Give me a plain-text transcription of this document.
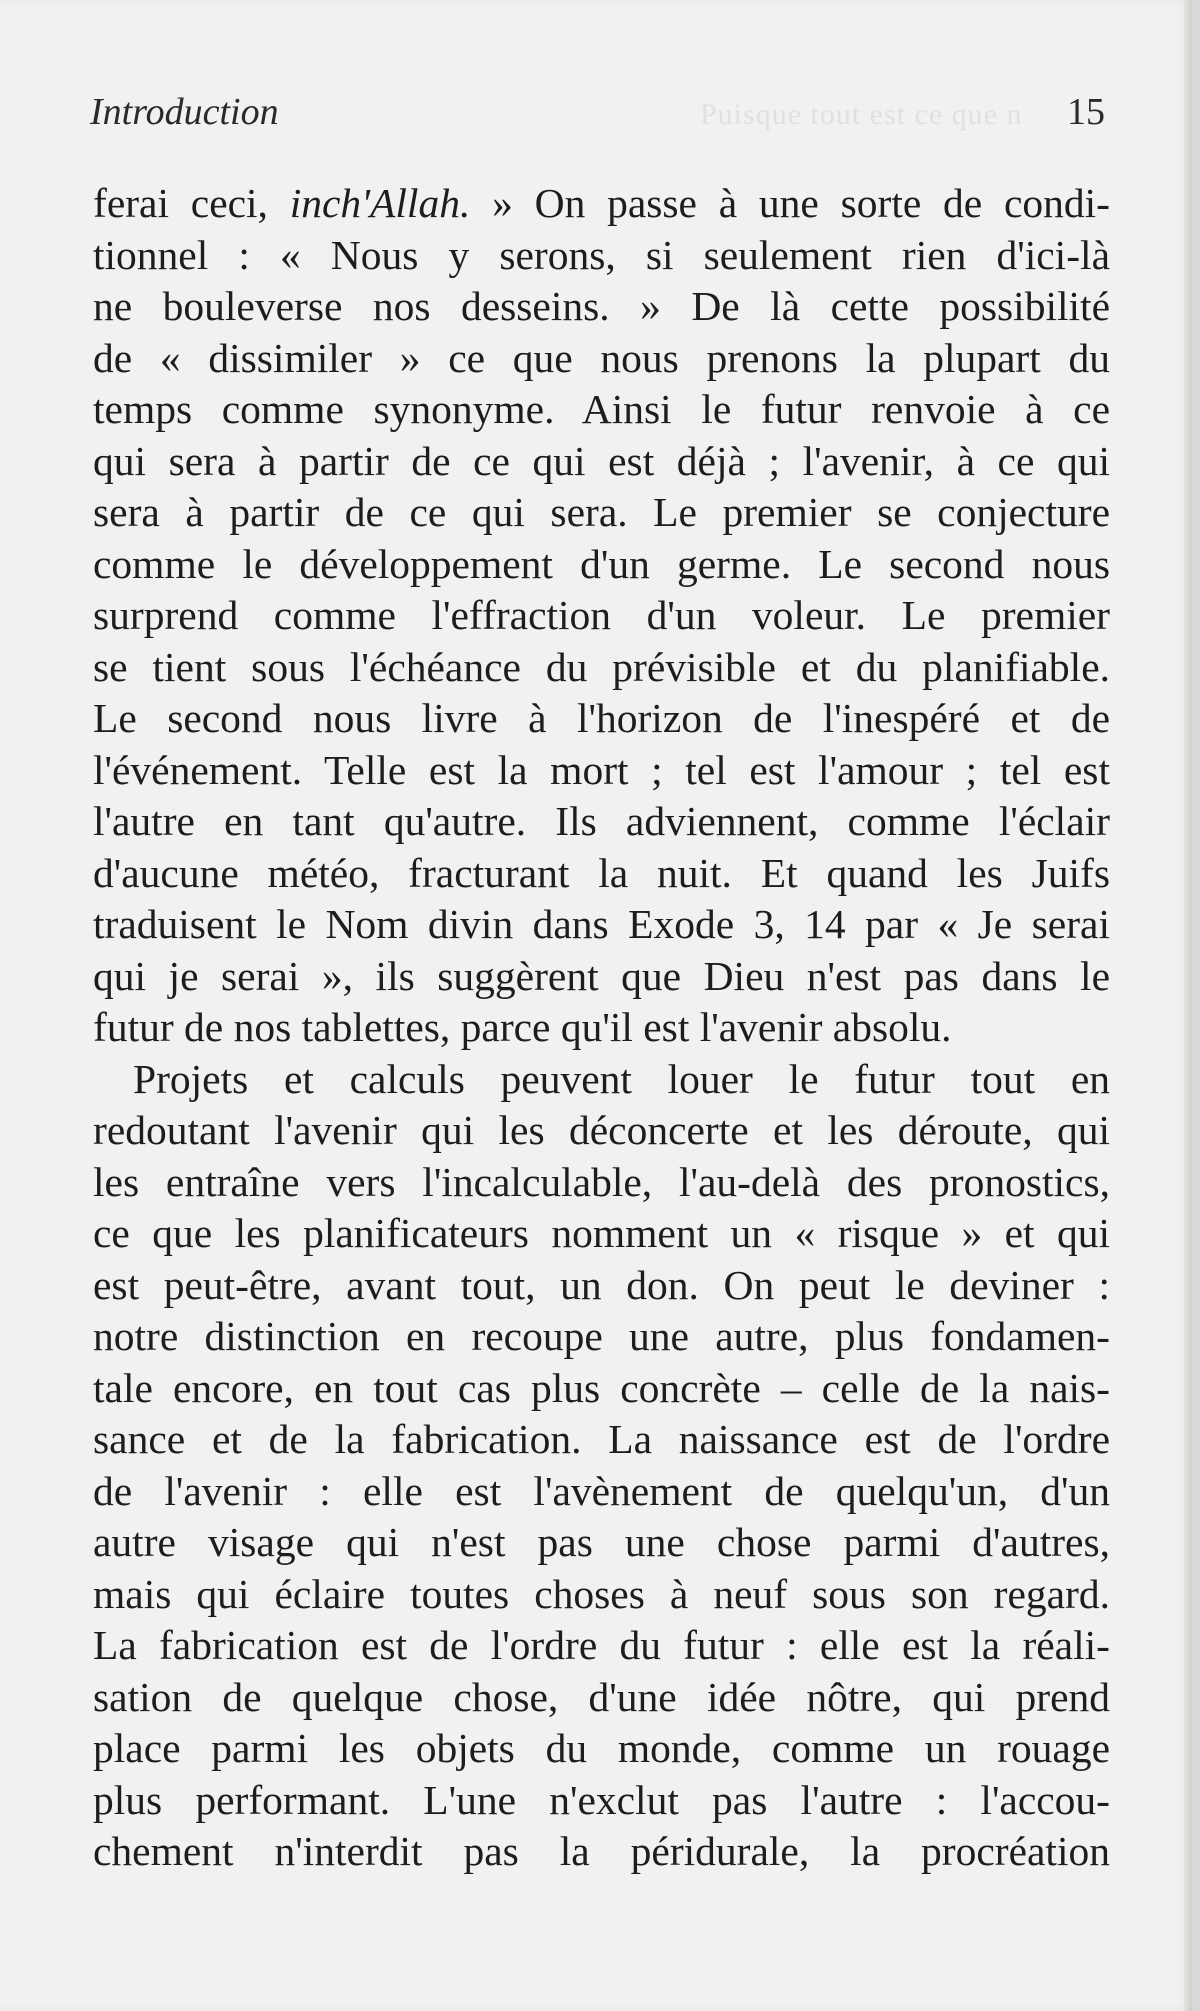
Puisque tout est ce que n
Introduction	15
ferai ceci, inch'Allah. » On passe à une sorte de condi-
tionnel : « Nous y serons, si seulement rien d'ici-là
ne bouleverse nos desseins. » De là cette possibilité
de « dissimiler » ce que nous prenons la plupart du
temps comme synonyme. Ainsi le futur renvoie à ce
qui sera à partir de ce qui est déjà ; l'avenir, à ce qui
sera à partir de ce qui sera. Le premier se conjecture
comme le développement d'un germe. Le second nous
surprend comme l'effraction d'un voleur. Le premier
se tient sous l'échéance du prévisible et du planifiable.
Le second nous livre à l'horizon de l'inespéré et de
l'événement. Telle est la mort ; tel est l'amour ; tel est
l'autre en tant qu'autre. Ils adviennent, comme l'éclair
d'aucune météo, fracturant la nuit. Et quand les Juifs
traduisent le Nom divin dans Exode 3, 14 par « Je serai
qui je serai », ils suggèrent que Dieu n'est pas dans le
futur de nos tablettes, parce qu'il est l'avenir absolu.
Projets et calculs peuvent louer le futur tout en
redoutant l'avenir qui les déconcerte et les déroute, qui
les entraîne vers l'incalculable, l'au-delà des pronostics,
ce que les planificateurs nomment un « risque » et qui
est peut-être, avant tout, un don. On peut le deviner :
notre distinction en recoupe une autre, plus fondamen-
tale encore, en tout cas plus concrète – celle de la nais-
sance et de la fabrication. La naissance est de l'ordre
de l'avenir : elle est l'avènement de quelqu'un, d'un
autre visage qui n'est pas une chose parmi d'autres,
mais qui éclaire toutes choses à neuf sous son regard.
La fabrication est de l'ordre du futur : elle est la réali-
sation de quelque chose, d'une idée nôtre, qui prend
place parmi les objets du monde, comme un rouage
plus performant. L'une n'exclut pas l'autre : l'accou-
chement n'interdit pas la péridurale, la procréation
